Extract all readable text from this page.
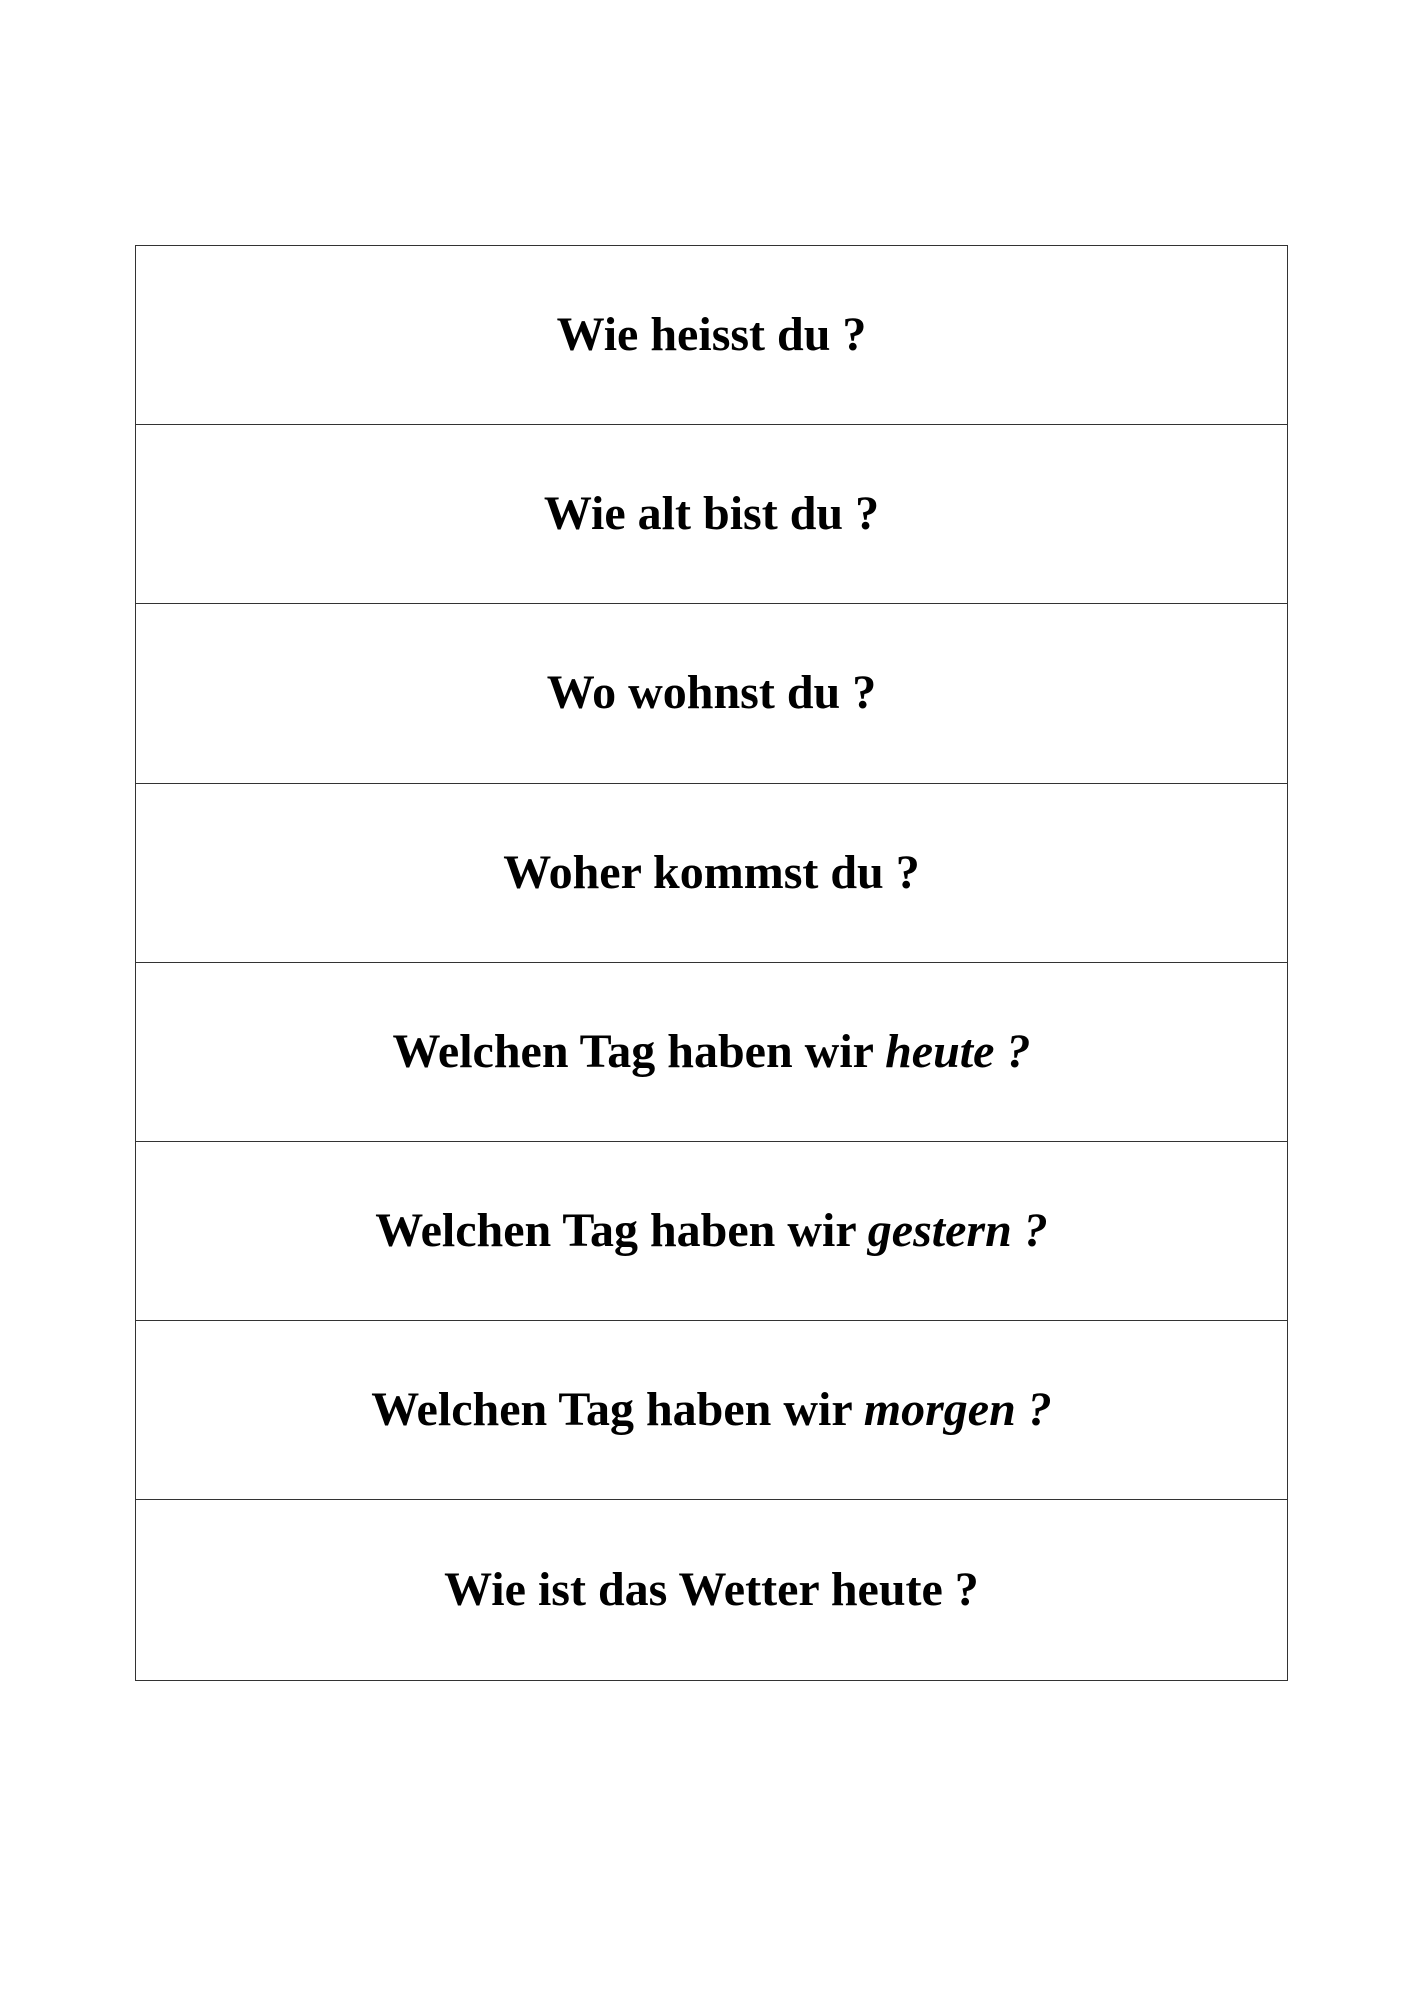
Wie heisst du ?
Wie alt bist du ?
Wo wohnst du ?
Woher kommst du ?
Welchen Tag haben wir heute ?
Welchen Tag haben wir gestern ?
Welchen Tag haben wir morgen ?
Wie ist das Wetter heute ?
